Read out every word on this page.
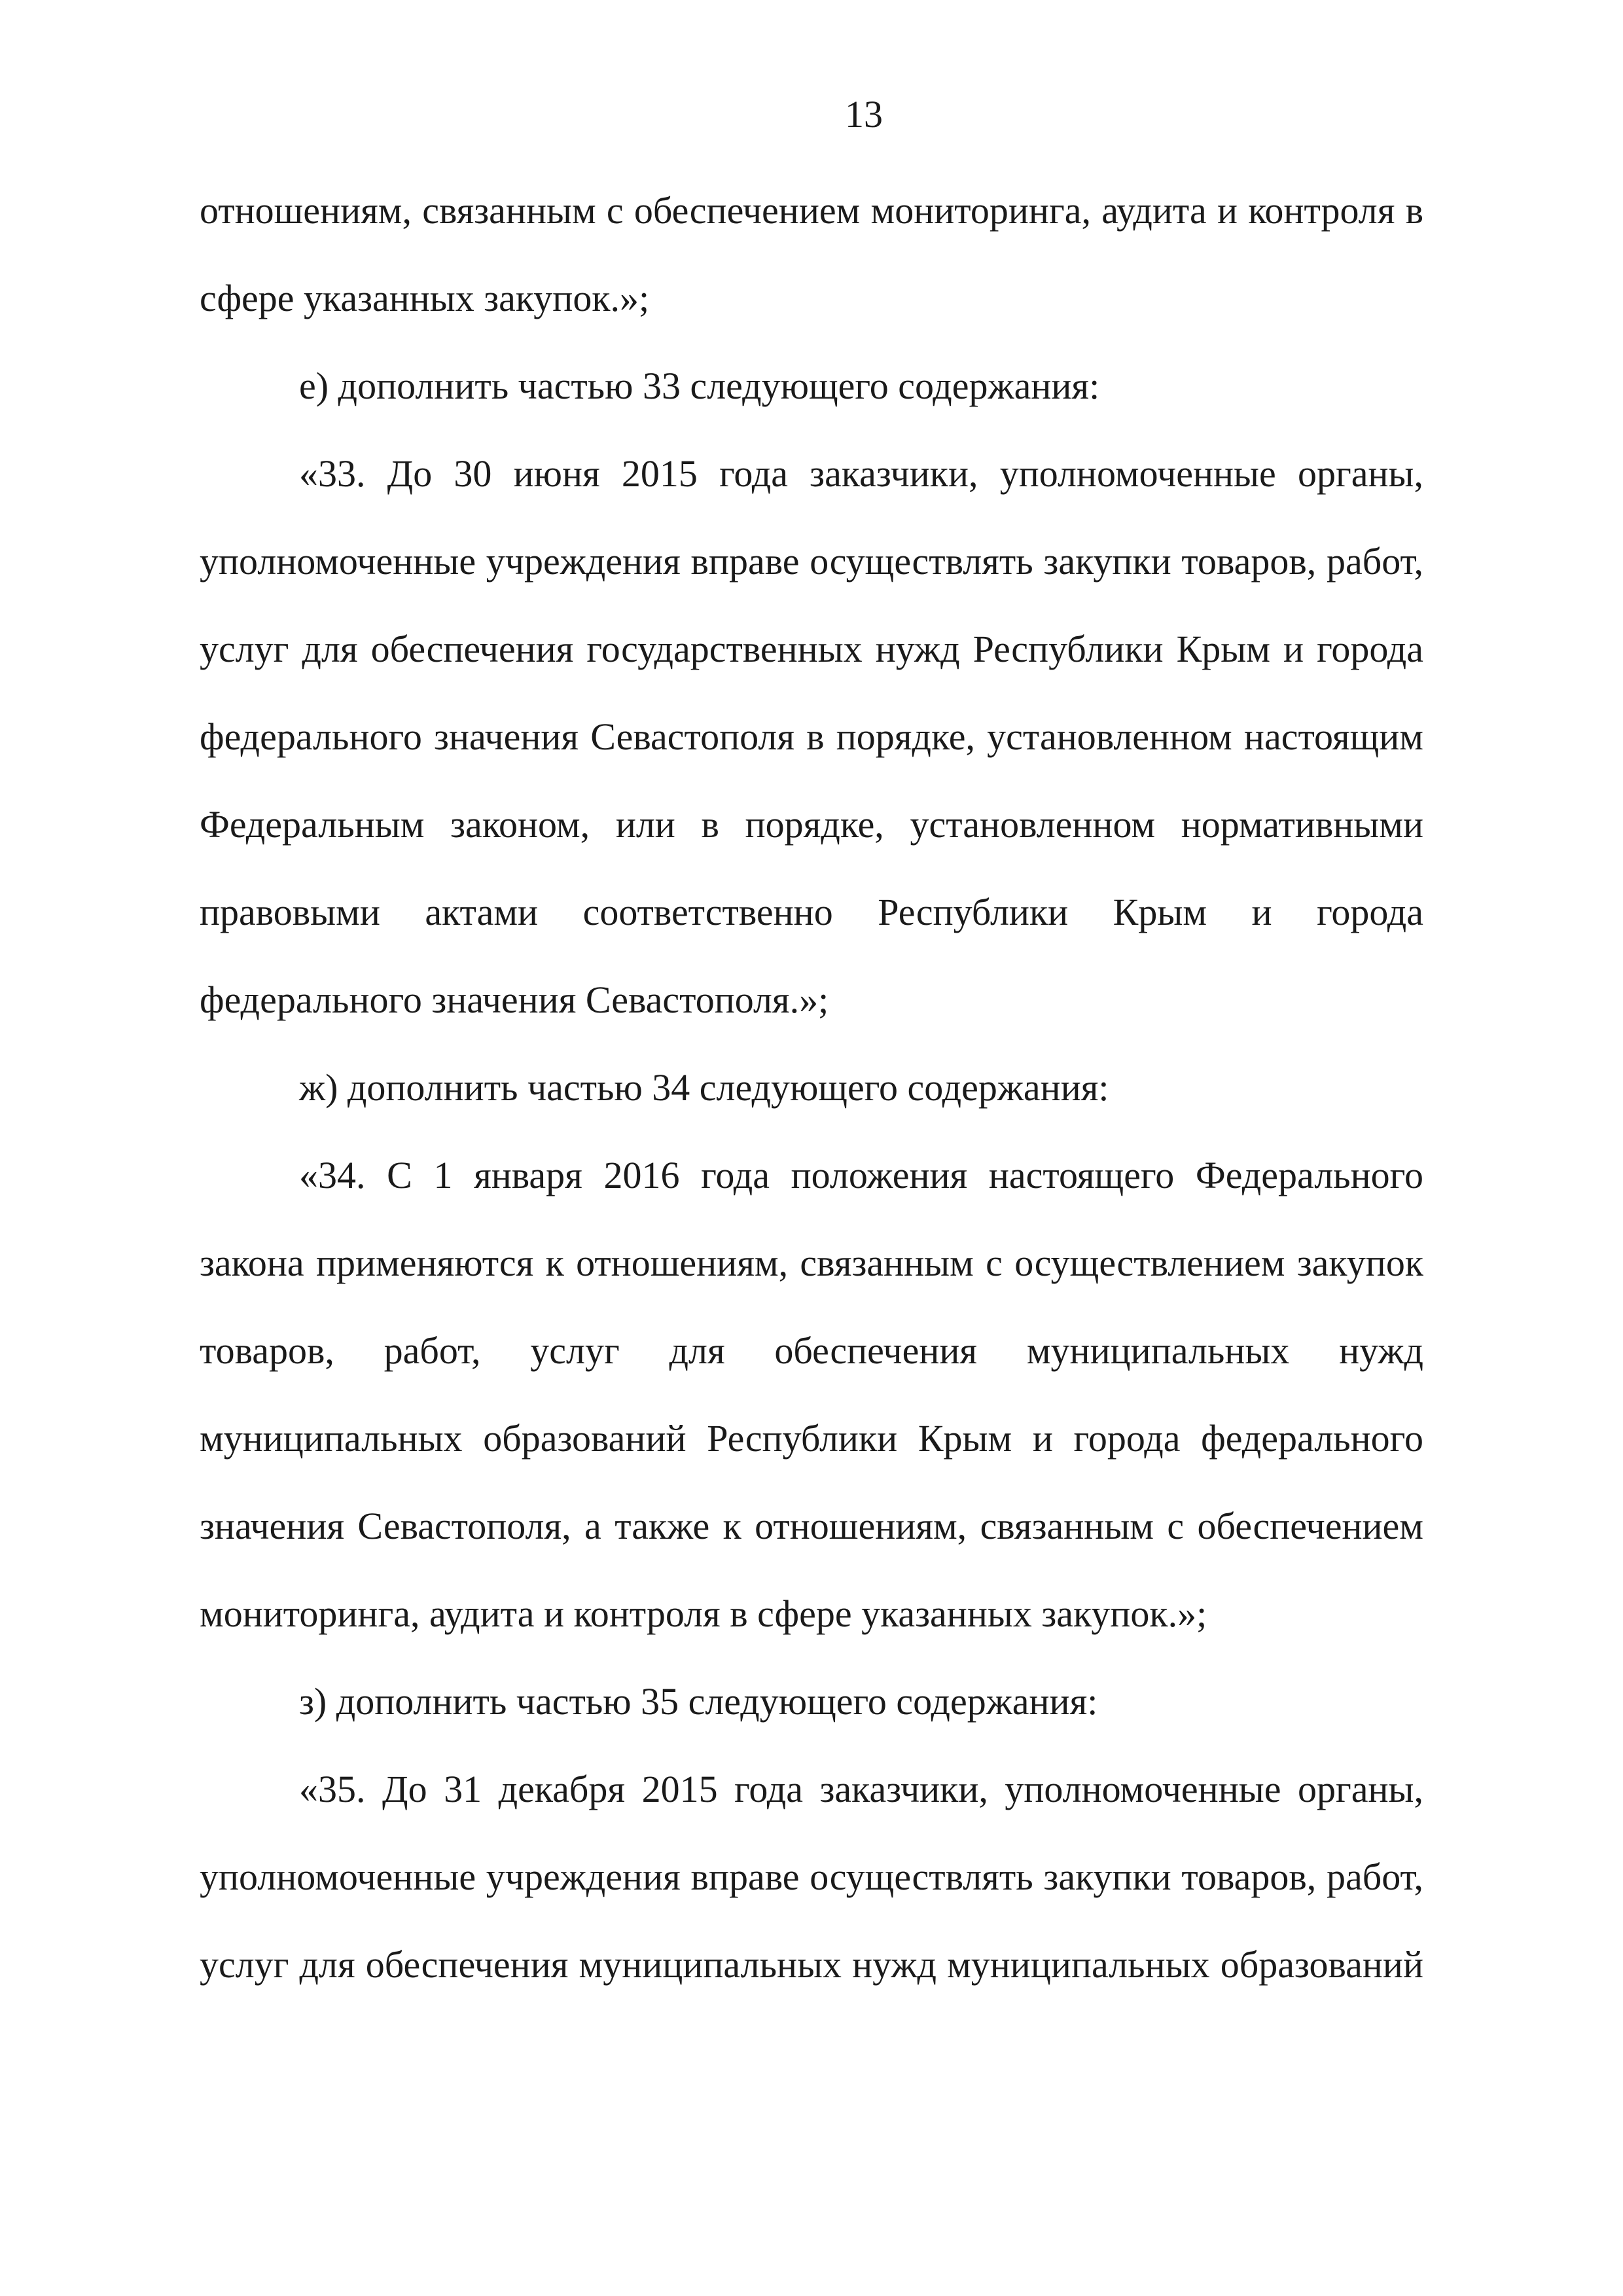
13
отношениям, связанным с обеспечением мониторинга, аудита и контроля в
сфере указанных закупок.»;
е) дополнить частью 33 следующего содержания:
«33. До 30 июня 2015 года заказчики, уполномоченные органы,
уполномоченные учреждения вправе осуществлять закупки товаров, работ,
услуг для обеспечения государственных нужд Республики Крым и города
федерального значения Севастополя в порядке, установленном настоящим
Федеральным законом, или в порядке, установленном нормативными
правовыми актами соответственно Республики Крым и города
федерального значения Севастополя.»;
ж) дополнить частью 34 следующего содержания:
«34. С 1 января 2016 года положения настоящего Федерального
закона применяются к отношениям, связанным с осуществлением закупок
товаров, работ, услуг для обеспечения муниципальных нужд
муниципальных образований Республики Крым и города федерального
значения Севастополя, а также к отношениям, связанным с обеспечением
мониторинга, аудита и контроля в сфере указанных закупок.»;
з) дополнить частью 35 следующего содержания:
«35. До 31 декабря 2015 года заказчики, уполномоченные органы,
уполномоченные учреждения вправе осуществлять закупки товаров, работ,
услуг для обеспечения муниципальных нужд муниципальных образований
